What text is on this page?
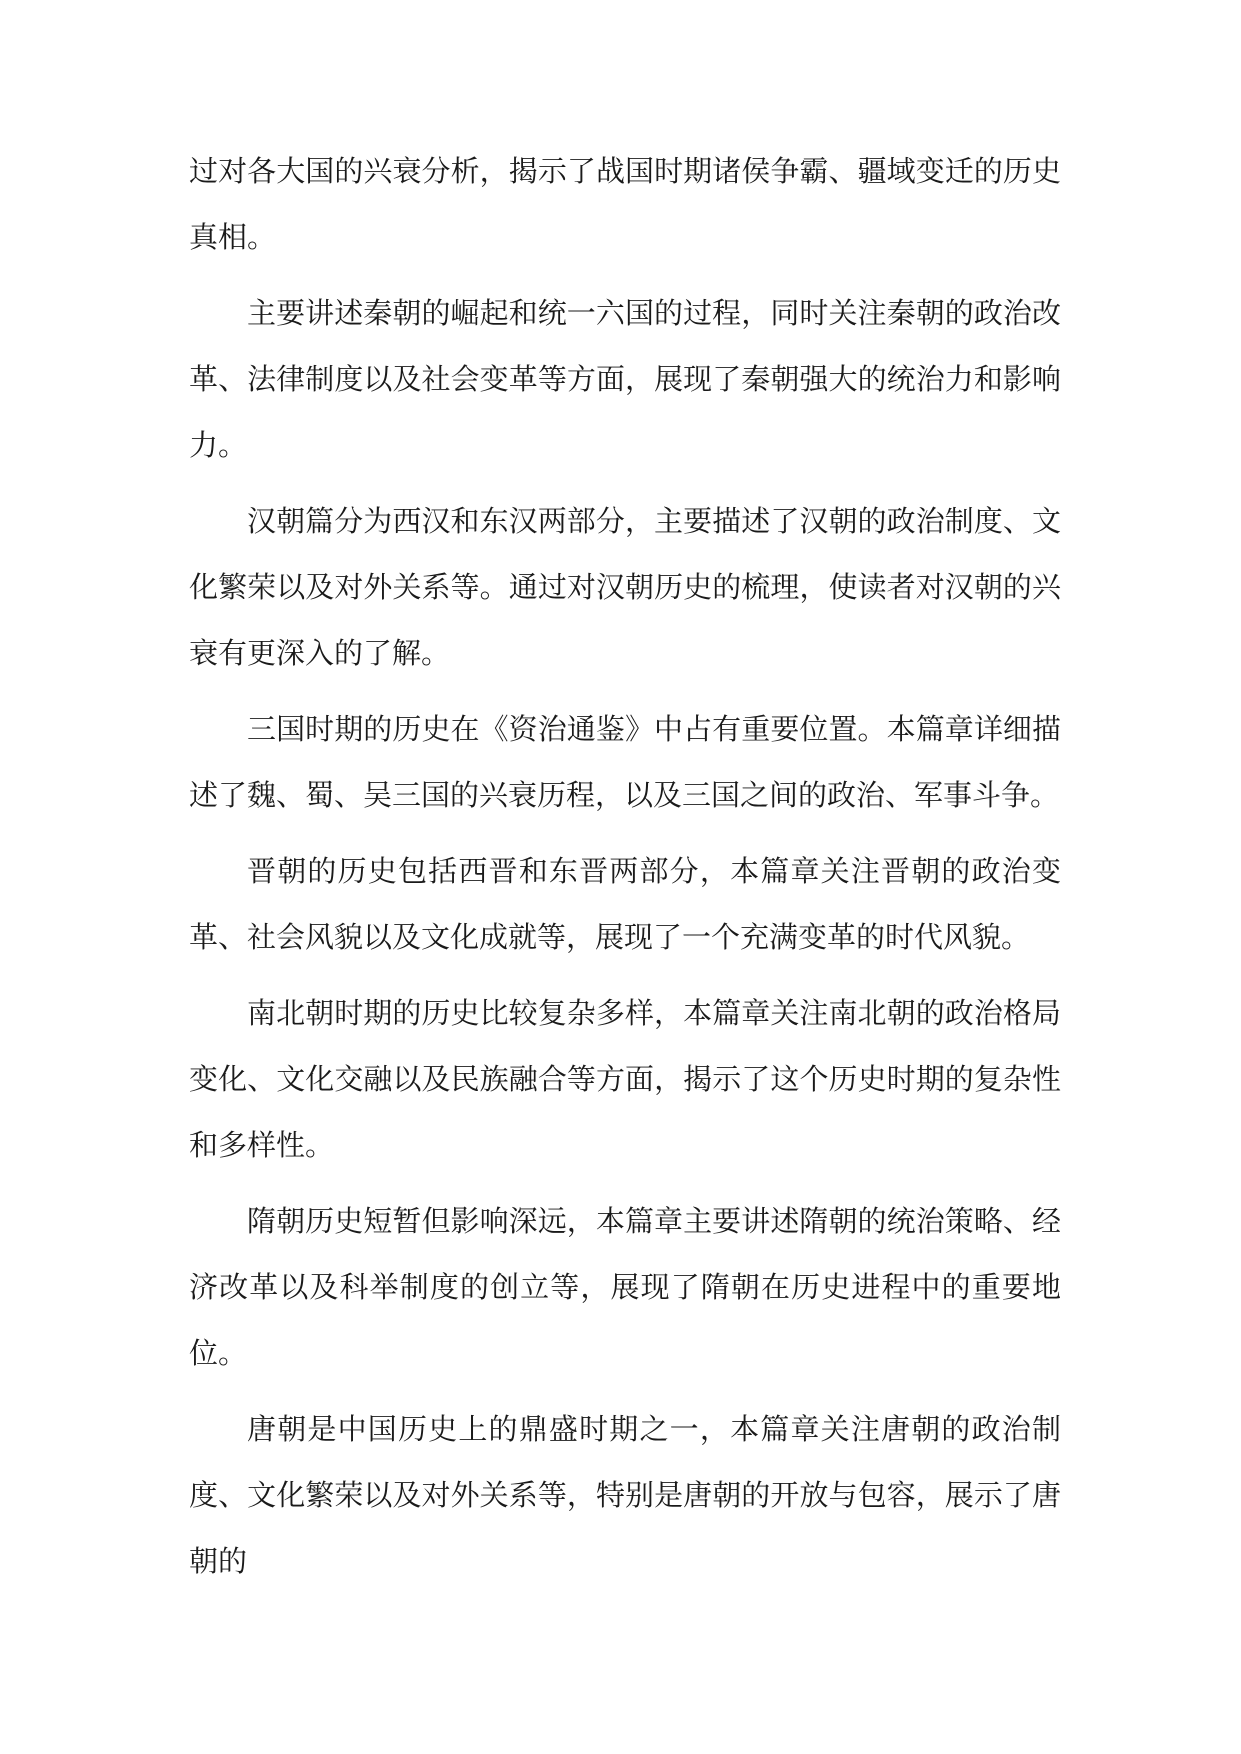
过对各大国的兴衰分析，揭示了战国时期诸侯争霸、疆域变迁的历史真相。

主要讲述秦朝的崛起和统一六国的过程，同时关注秦朝的政治改革、法律制度以及社会变革等方面，展现了秦朝强大的统治力和影响力。

汉朝篇分为西汉和东汉两部分，主要描述了汉朝的政治制度、文化繁荣以及对外关系等。通过对汉朝历史的梳理，使读者对汉朝的兴衰有更深入的了解。

三国时期的历史在《资治通鉴》中占有重要位置。本篇章详细描述了魏、蜀、吴三国的兴衰历程，以及三国之间的政治、军事斗争。

晋朝的历史包括西晋和东晋两部分，本篇章关注晋朝的政治变革、社会风貌以及文化成就等，展现了一个充满变革的时代风貌。

南北朝时期的历史比较复杂多样，本篇章关注南北朝的政治格局变化、文化交融以及民族融合等方面，揭示了这个历史时期的复杂性和多样性。

隋朝历史短暂但影响深远，本篇章主要讲述隋朝的统治策略、经济改革以及科举制度的创立等，展现了隋朝在历史进程中的重要地位。

唐朝是中国历史上的鼎盛时期之一，本篇章关注唐朝的政治制度、文化繁荣以及对外关系等，特别是唐朝的开放与包容，展示了唐朝的
